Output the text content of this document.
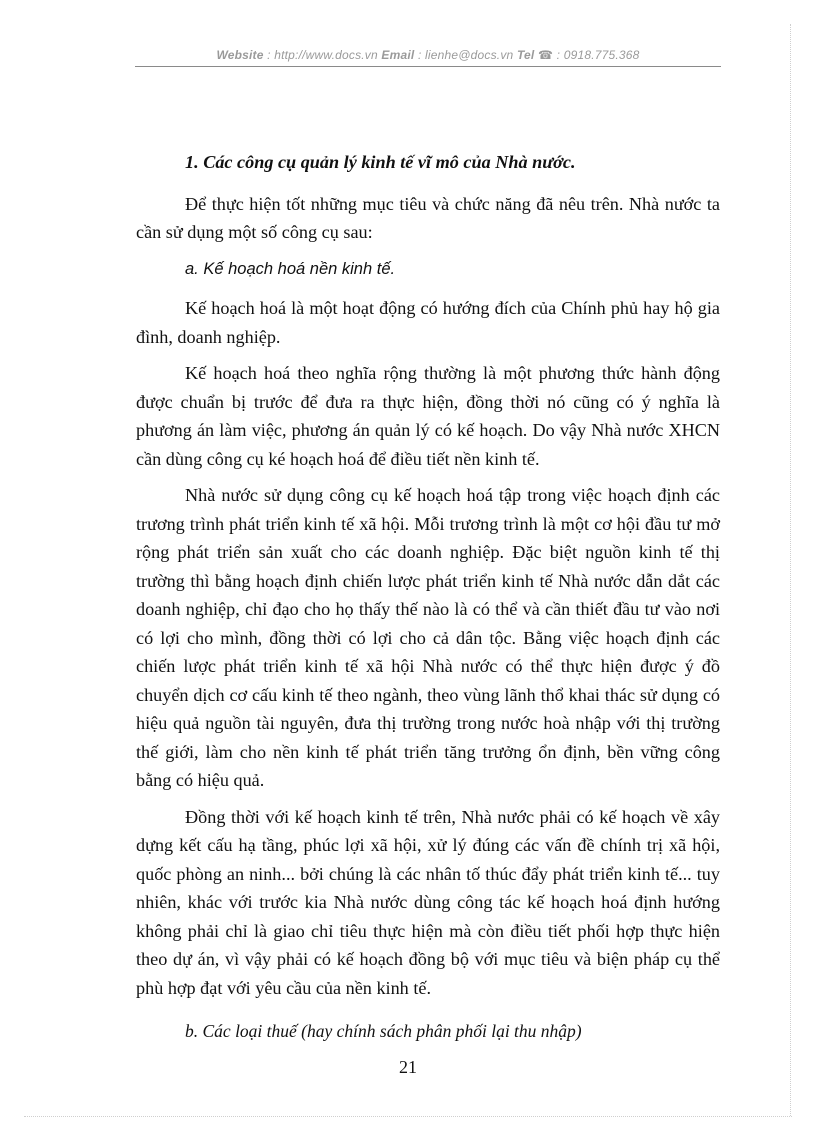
Website : http://www.docs.vn Email : lienhe@docs.vn Tel ☎ : 0918.775.368

1. Các công cụ quản lý kinh tế vĩ mô của Nhà nước.

Để thực hiện tốt những mục tiêu và chức năng đã nêu trên. Nhà nước ta cần sử dụng một số công cụ sau:

a. Kế hoạch hoá nền kinh tế.

Kế hoạch hoá là một hoạt động có hướng đích của Chính phủ hay hộ gia đình, doanh nghiệp.

Kế hoạch hoá theo nghĩa rộng thường là một phương thức hành động được chuẩn bị trước để đưa ra thực hiện, đồng thời nó cũng có ý nghĩa là phương án làm việc, phương án quản lý có kế hoạch. Do vậy Nhà nước XHCN cần dùng công cụ ké hoạch hoá để điều tiết nền kinh tế.

Nhà nước sử dụng công cụ kế hoạch hoá tập trong việc hoạch định các trương trình phát triển kinh tế xã hội. Mỗi trương trình là một cơ hội đầu tư mở rộng phát triển sản xuất cho các doanh nghiệp. Đặc biệt nguồn kinh tế thị trường thì bằng hoạch định chiến lược phát triển kinh tế Nhà nước dẫn dắt các doanh nghiệp, chỉ đạo cho họ thấy thế nào là có thể và cần thiết đầu tư vào nơi có lợi cho mình, đồng thời có lợi cho cả dân tộc. Bằng việc hoạch định các chiến lược phát triển kinh tế xã hội Nhà nước có thể thực hiện được ý đồ chuyển dịch cơ cấu kinh tế theo ngành, theo vùng lãnh thổ khai thác sử dụng có hiệu quả nguồn tài nguyên, đưa thị trường trong nước hoà nhập với thị trường thế giới, làm cho nền kinh tế phát triển tăng trưởng ổn định, bền vững công bằng có hiệu quả.

Đồng thời với kế hoạch kinh tế trên, Nhà nước phải có kế hoạch về xây dựng kết cấu hạ tầng, phúc lợi xã hội, xử lý đúng các vấn đề chính trị xã hội, quốc phòng an ninh... bởi chúng là các nhân tố thúc đẩy phát triển kinh tế... tuy nhiên, khác với trước kia Nhà nước dùng công tác kế hoạch hoá định hướng không phải chỉ là giao chỉ tiêu thực hiện mà còn điều tiết phối hợp thực hiện theo dự án, vì vậy phải có kế hoạch đồng bộ với mục tiêu và biện pháp cụ thể phù hợp đạt với yêu cầu của nền kinh tế.

b. Các loại thuế (hay chính sách phân phối lại thu nhập)
21
